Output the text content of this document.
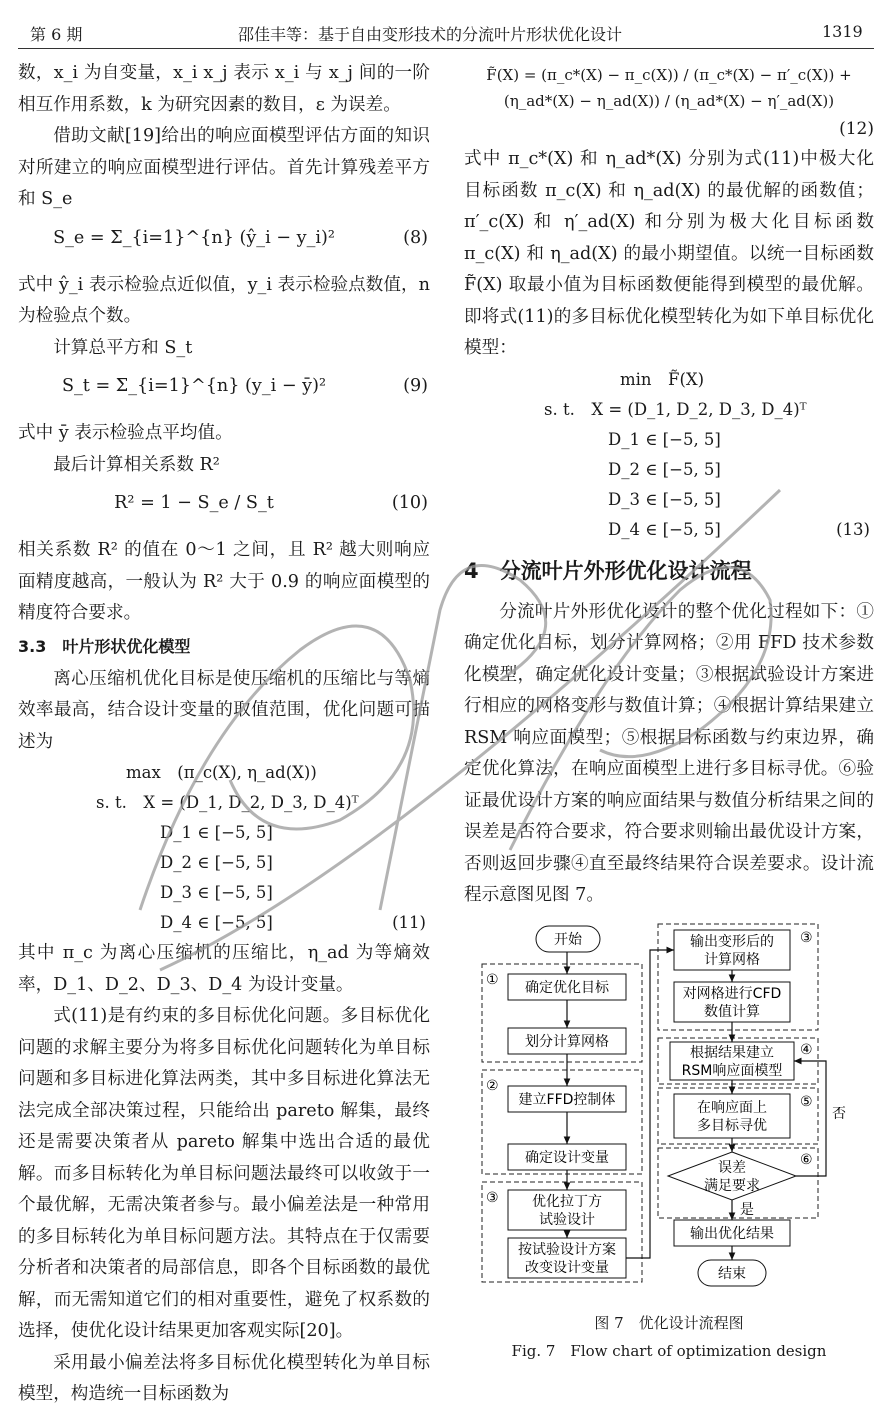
第 6 期	邵佳丰等：基于自由变形技术的分流叶片形状优化设计	1319

数，x_i 为自变量，x_i x_j 表示 x_i 与 x_j 间的一阶相互作用系数，k 为研究因素的数目，ε 为误差。

借助文献[19]给出的响应面模型评估方面的知识对所建立的响应面模型进行评估。首先计算残差平方和 S_e

S_e = Σ_{i=1}^{n} (ŷ_i − y_i)²	(8)

式中 ŷ_i 表示检验点近似值，y_i 表示检验点数值，n 为检验点个数。

计算总平方和 S_t

S_t = Σ_{i=1}^{n} (y_i − ȳ)²	(9)

式中 ȳ 表示检验点平均值。

最后计算相关系数 R²

R² = 1 − S_e / S_t	(10)

相关系数 R² 的值在 0～1 之间，且 R² 越大则响应面精度越高，一般认为 R² 大于 0.9 的响应面模型的精度符合要求。

3.3　叶片形状优化模型

离心压缩机优化目标是使压缩机的压缩比与等熵效率最高，结合设计变量的取值范围，优化问题可描述为

max　(π_c(X), η_ad(X))
s. t.　X = (D_1, D_2, D_3, D_4)ᵀ
D_1 ∈ [−5, 5]
D_2 ∈ [−5, 5]
D_3 ∈ [−5, 5]
D_4 ∈ [−5, 5]	(11)

其中 π_c 为离心压缩机的压缩比，η_ad 为等熵效率，D_1、D_2、D_3、D_4 为设计变量。

式(11)是有约束的多目标优化问题。多目标优化问题的求解主要分为将多目标优化问题转化为单目标问题和多目标进化算法两类，其中多目标进化算法无法完成全部决策过程，只能给出 pareto 解集，最终还是需要决策者从 pareto 解集中选出合适的最优解。而多目标转化为单目标问题法最终可以收敛于一个最优解，无需决策者参与。最小偏差法是一种常用的多目标转化为单目标问题方法。其特点在于仅需要分析者和决策者的局部信息，即各个目标函数的最优解，而无需知道它们的相对重要性，避免了权系数的选择，使优化设计结果更加客观实际[20]。

采用最小偏差法将多目标优化模型转化为单目标模型，构造统一目标函数为

F̃(X) = (π_c*(X) − π_c(X)) / (π_c*(X) − π′_c(X)) + (η_ad*(X) − η_ad(X)) / (η_ad*(X) − η′_ad(X))
(12)

式中 π_c*(X) 和 η_ad*(X) 分别为式(11)中极大化目标函数 π_c(X) 和 η_ad(X) 的最优解的函数值；π′_c(X) 和 η′_ad(X) 和分别为极大化目标函数 π_c(X) 和 η_ad(X) 的最小期望值。以统一目标函数 F̃(X) 取最小值为目标函数便能得到模型的最优解。即将式(11)的多目标优化模型转化为如下单目标优化模型：

min　F̃(X)
s. t.　X = (D_1, D_2, D_3, D_4)ᵀ
D_1 ∈ [−5, 5]
D_2 ∈ [−5, 5]
D_3 ∈ [−5, 5]
D_4 ∈ [−5, 5]	(13)
4　分流叶片外形优化设计流程

分流叶片外形优化设计的整个优化过程如下：①确定优化目标，划分计算网格；②用 FFD 技术参数化模型，确定优化设计变量；③根据试验设计方案进行相应的网格变形与数值计算；④根据计算结果建立 RSM 响应面模型；⑤根据目标函数与约束边界，确定优化算法，在响应面模型上进行多目标寻优。⑥验证最优设计方案的响应面结果与数值分析结果之间的误差是否符合要求，符合要求则输出最优设计方案，否则返回步骤④直至最终结果符合误差要求。设计流程示意图见图 7。

开始
确定优化目标
划分计算网格
建立FFD控制体
确定设计变量
优化拉丁方
试验设计
按试验设计方案
改变设计变量
输出变形后的
计算网格
对网格进行CFD
数值计算
根据结果建立
RSM响应面模型
在响应面上
多目标寻优
误差
满足要求
是
输出优化结果
结束
否
①
②
③
③
④
⑤
⑥
图 7　优化设计流程图
Fig. 7　Flow chart of optimization design
